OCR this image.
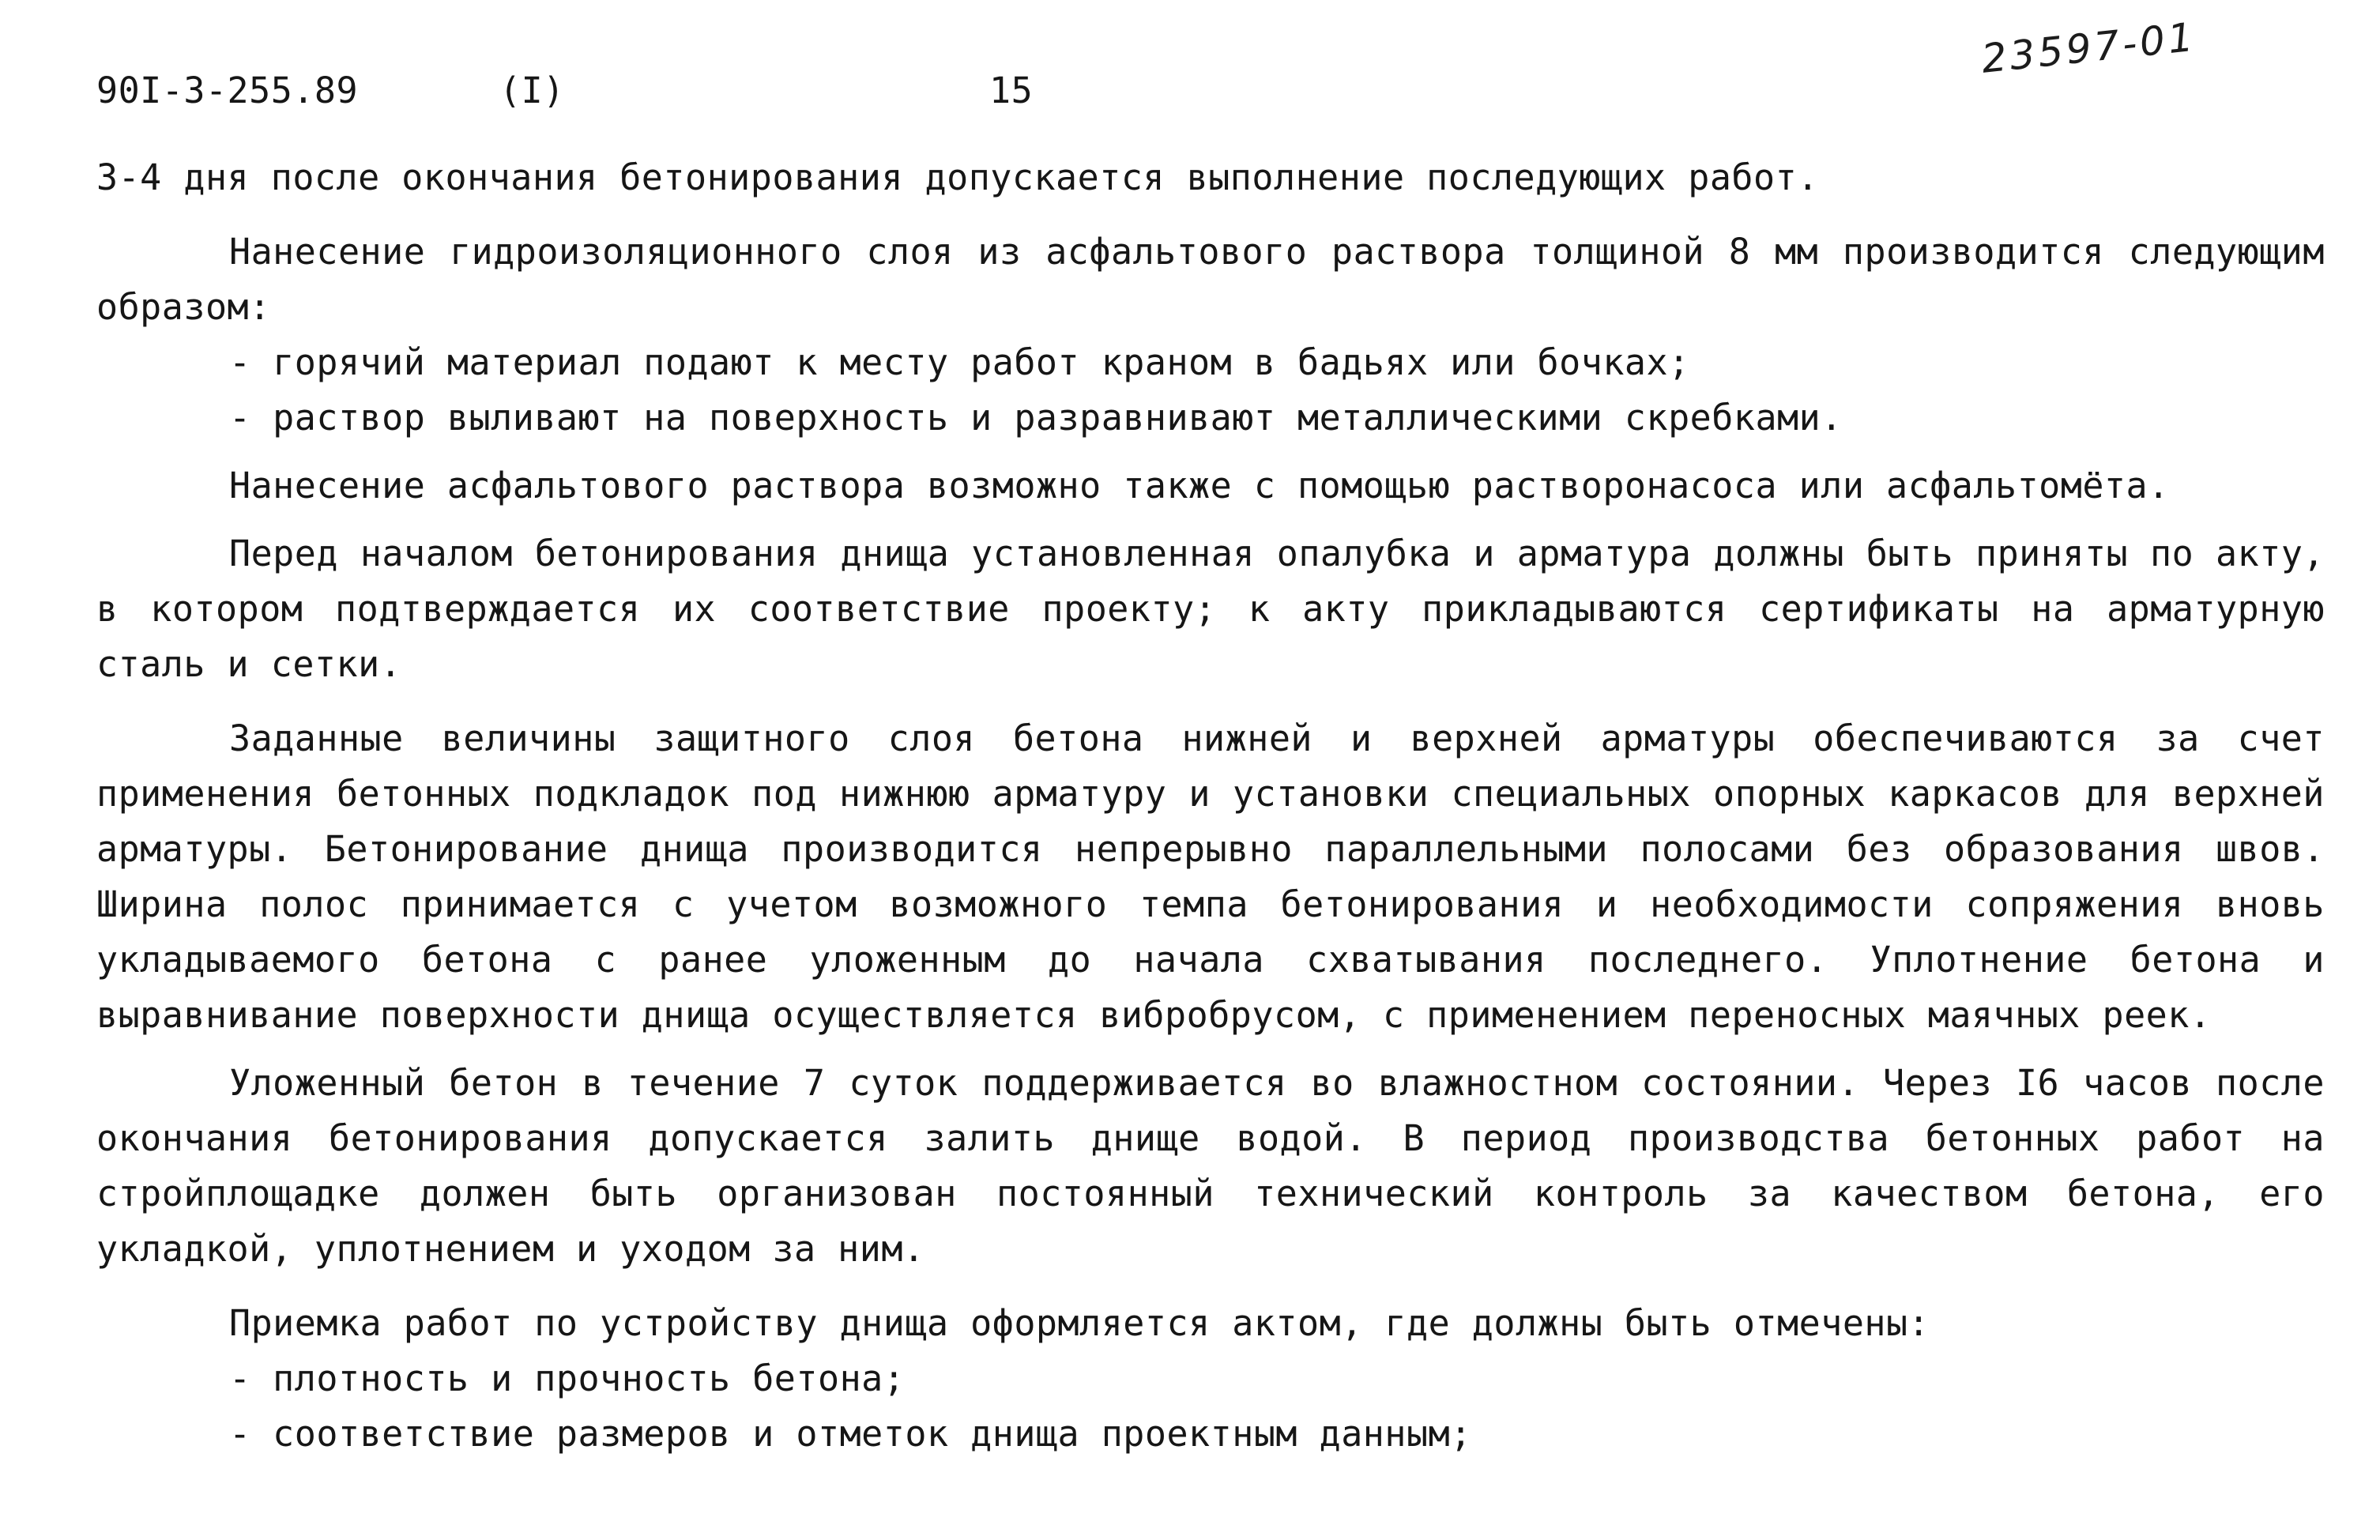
90I-3-255.89	(I)	15
23597-01

3-4 дня после окончания бетонирования допускается выполнение последующих работ.

Нанесение гидроизоляционного слоя из асфальтового раствора толщиной 8 мм производится следующим образом:

- горячий материал подают к месту работ краном в бадьях или бочках;

- раствор выливают на поверхность и разравнивают металлическими скребками.

Нанесение асфальтового раствора возможно также с помощью растворонасоса или асфальтомёта.

Перед началом бетонирования днища установленная опалубка и арматура должны быть приняты по акту, в котором подтверждается их соответствие проекту; к акту прикладываются сертификаты на арматурную сталь и сетки.

Заданные величины защитного слоя бетона нижней и верхней арматуры обеспечиваются за счет применения бетонных подкладок под нижнюю арматуру и установки специальных опорных каркасов для верхней арматуры. Бетонирование днища производится непрерывно параллельными полосами без образования швов. Ширина полос принимается с учетом возможного темпа бетонирования и необходимости сопряжения вновь укладываемого бетона с ранее уложенным до начала схватывания последнего. Уплотнение бетона и выравнивание поверхности днища осуществляется вибробрусом, с применением переносных маячных реек.

Уложенный бетон в течение 7 суток поддерживается во влажностном состоянии. Через I6 часов после окончания бетонирования допускается залить днище водой. В период производства бетонных работ на стройплощадке должен быть организован постоянный технический контроль за качеством бетона, его укладкой, уплотнением и уходом за ним.

Приемка работ по устройству днища оформляется актом, где должны быть отмечены:

- плотность и прочность бетона;

- соответствие размеров и отметок днища проектным данным;
